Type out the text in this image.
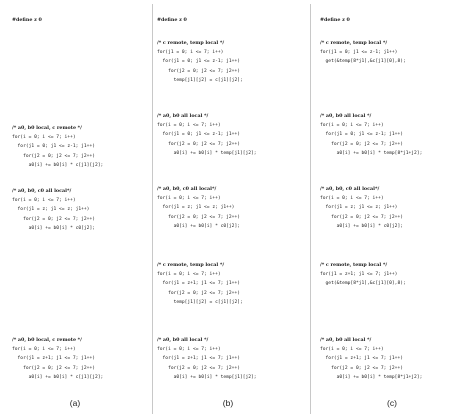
#define z 0
/* a0, b0 local, c remote */
for(i = 0; i <= 7; i++)
for(j1 = 0; j1 <= z-1; j1++)
for(j2 = 0; j2 <= 7; j2++)
a0[i] += b0[i] * c[j1][j2];
/* a0, b0, c0 all local*/
for(i = 0; i <= 7; i++)
for(j1 = z; j1 <= z; j1++)
for(j2 = 0; j2 <= 7; j2++)
a0[i] += b0[i] * c0[j2];
/* a0, b0 local, c remote */
for(i = 0; i <= 7; i++)
for(j1 = z+1; j1 <= 7; j1++)
for(j2 = 0; j2 <= 7; j2++)
a0[i] += b0[i] * c[j1][j2];
(a)
#define z 0
/* c remote, temp local */
for(j1 = 0; i <= 7; i++)
for(j1 = 0; j1 <= z-1; j1++)
for(j2 = 0; j2 <= 7; j2++)
temp[j1][j2] = c[j1][j2];
/* a0, b0 all local */
for(i = 0; i <= 7; i++)
for(j1 = 0; j1 <= z-1; j1++)
for(j2 = 0; j2 <= 7; j2++)
a0[i] += b0[i] * temp[j1][j2];
/* a0, b0, c0 all local*/
for(i = 0; i <= 7; i++)
for(j1 = z; j1 <= z; j1++)
for(j2 = 0; j2 <= 7; j2++)
a0[i] += b0[i] * c0[j2];
/* c remote, temp local */
for(i = 0; i <= 7; i++)
for(j1 = z+1; j1 <= 7; j1++)
for(j2 = 0; j2 <= 7; j2++)
temp[j1][j2] = c[j1][j2];
/* a0, b0 all local */
for(i = 0; i <= 7; i++)
for(j1 = z+1; j1 <= 7; j1++)
for(j2 = 0; j2 <= 7; j2++)
a0[i] += b0[i] * temp[j1][j2];
(b)
#define z 0
/* c remote, temp local */
for(j1 = 0; j1 <= z-1; j1++)
get(&temp[8*j1],&c[j1][0],8);
/* a0, b0 all local */
for(i = 0; i <= 7; i++)
for(j1 = 0; j1 <= z-1; j1++)
for(j2 = 0; j2 <= 7; j2++)
a0[i] += b0[i] * temp[8*j1+j2];
/* a0, b0, c0 all local*/
for(i = 0; i <= 7; i++)
for(j1 = z; j1 <= z; j1++)
for(j2 = 0; j2 <= 7; j2++)
a0[i] += b0[i] * c0[j2];
/* c remote, temp local */
for(j1 = z+1; j1 <= 7; j1++)
get(&temp[8*j1],&c[j1][0],8);
/* a0, b0 all local */
for(i = 0; i <= 7; i++)
for(j1 = z+1; j1 <= 7; j1++)
for(j2 = 0; j2 <= 7; j2++)
a0[i] += b0[i] * temp[8*j1+j2];
(c)
